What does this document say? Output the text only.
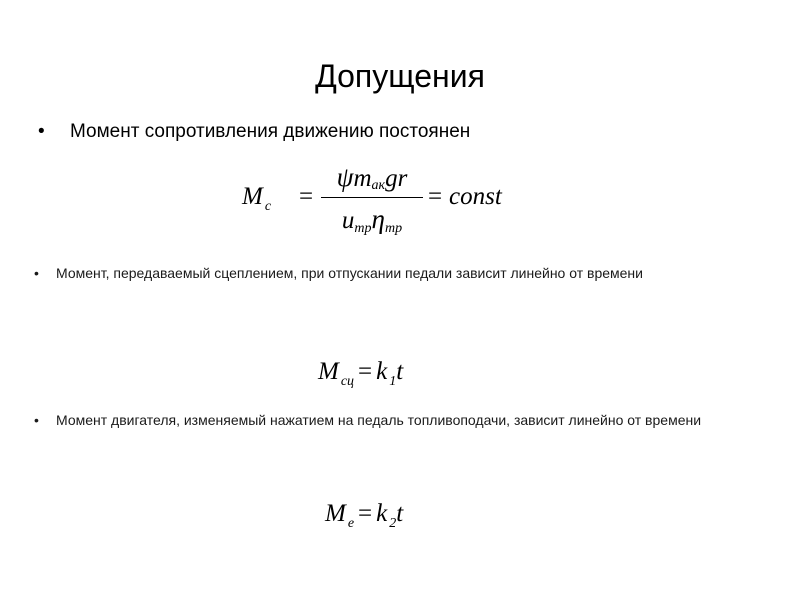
Допущения
•	Момент сопротивления движению постоянен
Mc =
ψmакgr
uтрηтр
= const
•	Момент, передаваемый сцеплением, при отпускании педали зависит линейно от времени
Mсц = k 1t
•	Момент двигателя, изменяемый нажатием на педаль топливоподачи, зависит линейно от времени
Mе = k 2t
